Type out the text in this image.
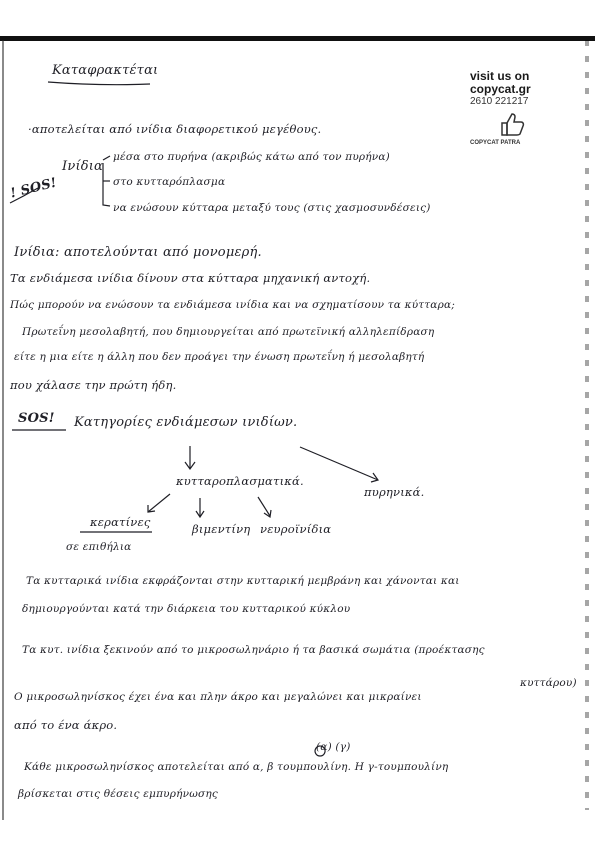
visit us on
copycat.gr
2610 221217
COPYCAT PATRA
Καταφρακτέται
·αποτελείται από ινίδια διαφορετικού μεγέθους.
! SOS!
Ινίδια
μέσα στο πυρήνα (ακριβώς κάτω από τον πυρήνα)
στο κυτταρόπλασμα
να ενώσουν κύτταρα μεταξύ τους (στις χασμοσυνδέσεις)
Ινίδια: αποτελούνται από μονομερή.
Τα ενδιάμεσα ινίδια δίνουν στα κύτταρα μηχανική αντοχή.
Πώς μπορούν να ενώσουν τα ενδιάμεσα ινίδια και να σχηματίσουν τα κύτταρα;
Πρωτεΐνη μεσολαβητή, που δημιουργείται από πρωτεϊνική αλληλεπίδραση
είτε η μια είτε η άλλη που δεν προάγει την ένωση πρωτεΐνη ή μεσολαβητή
που χάλασε την πρώτη ήδη.
SOS! Κατηγορίες ενδιάμεσων ινιδίων.
κυτταροπλασματικά.
πυρηνικά.
κερατίνες
σε επιθήλια
βιμεντίνη νευροϊνίδια
Τα κυτταρικά ινίδια εκφράζονται στην κυτταρική μεμβράνη και χάνονται και
δημιουργούνται κατά την διάρκεια του κυτταρικού κύκλου
Τα κυτ. ινίδια ξεκινούν από το μικροσωληνάριο ή τα βασικά σωμάτια (προέκτασης
κυττάρου)
Ο μικροσωληνίσκος έχει ένα και πλην άκρο και μεγαλώνει και μικραίνει
από το ένα άκρο.
(α) (γ)
Κάθε μικροσωληνίσκος αποτελείται από α, β τουμπουλίνη. Η γ-τουμπουλίνη
βρίσκεται στις θέσεις εμπυρήνωσης
